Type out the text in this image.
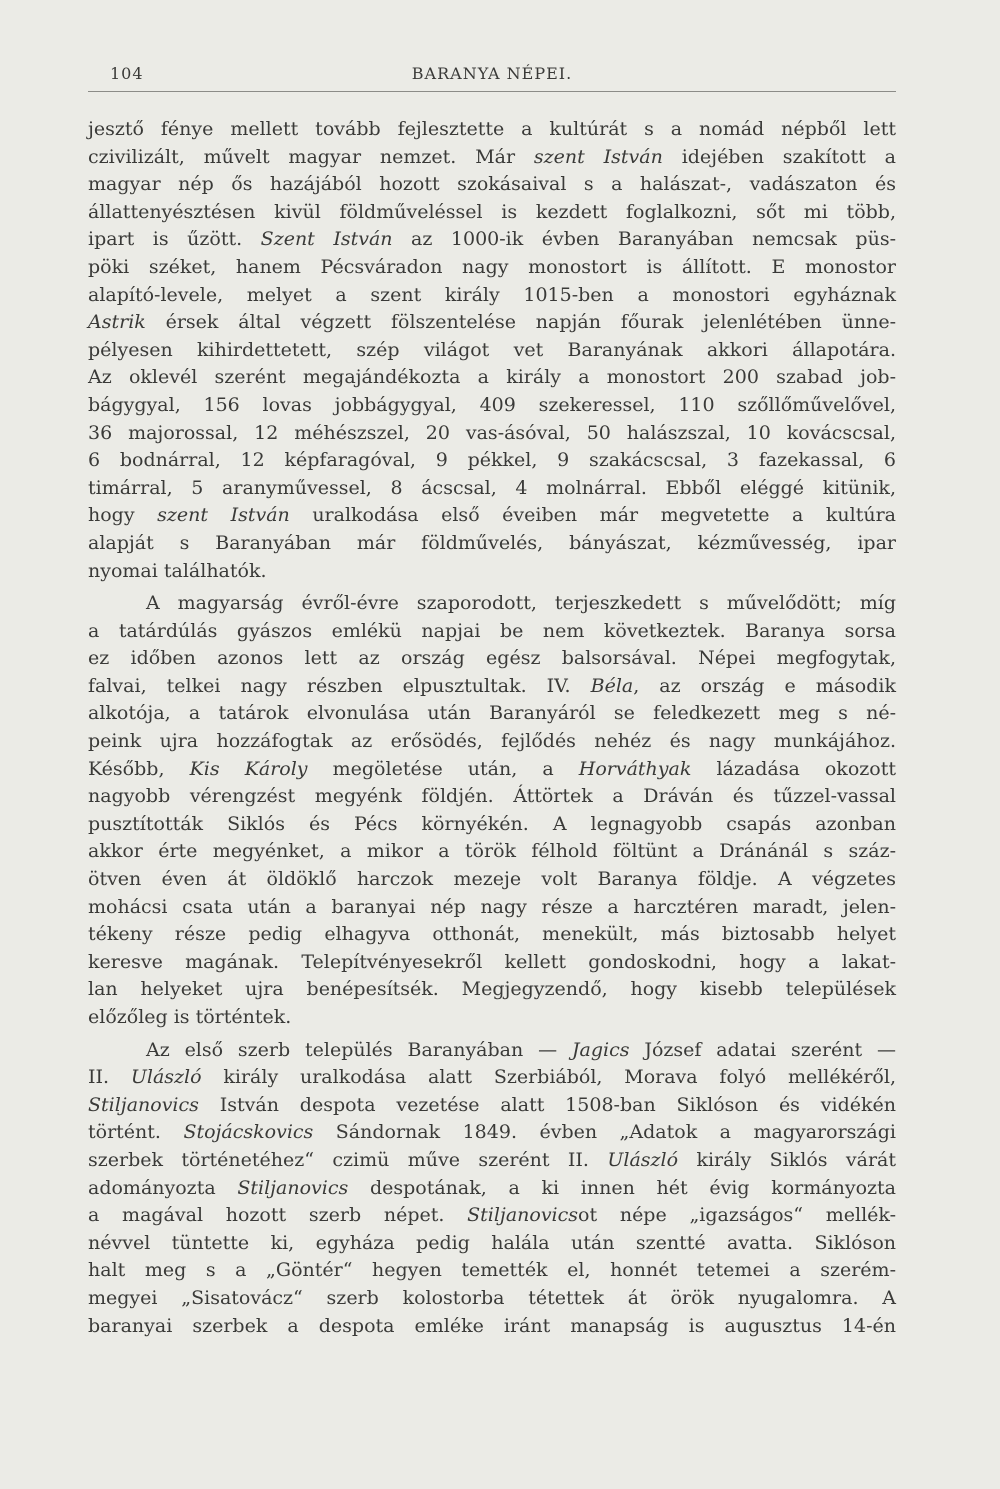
104	BARANYA NÉPEI.

jesztő fénye mellett tovább fejlesztette a kultúrát s a nomád népből lett
czivilizált, művelt magyar nemzet. Már szent István idejében szakított a
magyar nép ős hazájából hozott szokásaival s a halászat-, vadászaton és
állattenyésztésen kivül földműveléssel is kezdett foglalkozni, sőt mi több,
ipart is űzött. Szent István az 1000-ik évben Baranyában nemcsak püs-
pöki széket, hanem Pécsváradon nagy monostort is állított. E monostor
alapító-levele, melyet a szent király 1015-ben a monostori egyháznak
Astrik érsek által végzett fölszentelése napján főurak jelenlétében ünne-
pélyesen kihirdettetett, szép világot vet Baranyának akkori állapotára.
Az oklevél szerént megajándékozta a király a monostort 200 szabad job-
bágygyal, 156 lovas jobbágygyal, 409 szekeressel, 110 szőllőművelővel,
36 majorossal, 12 méhészszel, 20 vas-ásóval, 50 halászszal, 10 kovácscsal,
6 bodnárral, 12 képfaragóval, 9 pékkel, 9 szakácscsal, 3 fazekassal, 6
timárral, 5 aranyművessel, 8 ácscsal, 4 molnárral. Ebből eléggé kitünik,
hogy szent István uralkodása első éveiben már megvetette a kultúra
alapját s Baranyában már földművelés, bányászat, kézművesség, ipar
nyomai találhatók.

A magyarság évről-évre szaporodott, terjeszkedett s művelődött; míg
a tatárdúlás gyászos emlékü napjai be nem következtek. Baranya sorsa
ez időben azonos lett az ország egész balsorsával. Népei megfogytak,
falvai, telkei nagy részben elpusztultak. IV. Béla, az ország e második
alkotója, a tatárok elvonulása után Baranyáról se feledkezett meg s né-
peink ujra hozzáfogtak az erősödés, fejlődés nehéz és nagy munkájához.
Később, Kis Károly megöletése után, a Horváthyak lázadása okozott
nagyobb vérengzést megyénk földjén. Áttörtek a Dráván és tűzzel-vassal
pusztították Siklós és Pécs környékén. A legnagyobb csapás azonban
akkor érte megyénket, a mikor a török félhold föltünt a Dránánál s száz-
ötven éven át öldöklő harczok mezeje volt Baranya földje. A végzetes
mohácsi csata után a baranyai nép nagy része a harcztéren maradt, jelen-
tékeny része pedig elhagyva otthonát, menekült, más biztosabb helyet
keresve magának. Telepítvényesekről kellett gondoskodni, hogy a lakat-
lan helyeket ujra benépesítsék. Megjegyzendő, hogy kisebb települések
előzőleg is történtek.

Az első szerb település Baranyában — Jagics József adatai szerént —
II. Ulászló király uralkodása alatt Szerbiából, Morava folyó mellékéről,
Stiljanovics István despota vezetése alatt 1508-ban Siklóson és vidékén
történt. Stojácskovics Sándornak 1849. évben „Adatok a magyarországi
szerbek történetéhez“ czimü műve szerént II. Ulászló király Siklós várát
adományozta Stiljanovics despotának, a ki innen hét évig kormányozta
a magával hozott szerb népet. Stiljanovicsot népe „igazságos“ mellék-
névvel tüntette ki, egyháza pedig halála után szentté avatta. Siklóson
halt meg s a „Göntér“ hegyen temették el, honnét tetemei a szerém-
megyei „Sisatovácz“ szerb kolostorba tétettek át örök nyugalomra. A
baranyai szerbek a despota emléke iránt manapság is augusztus 14-én
